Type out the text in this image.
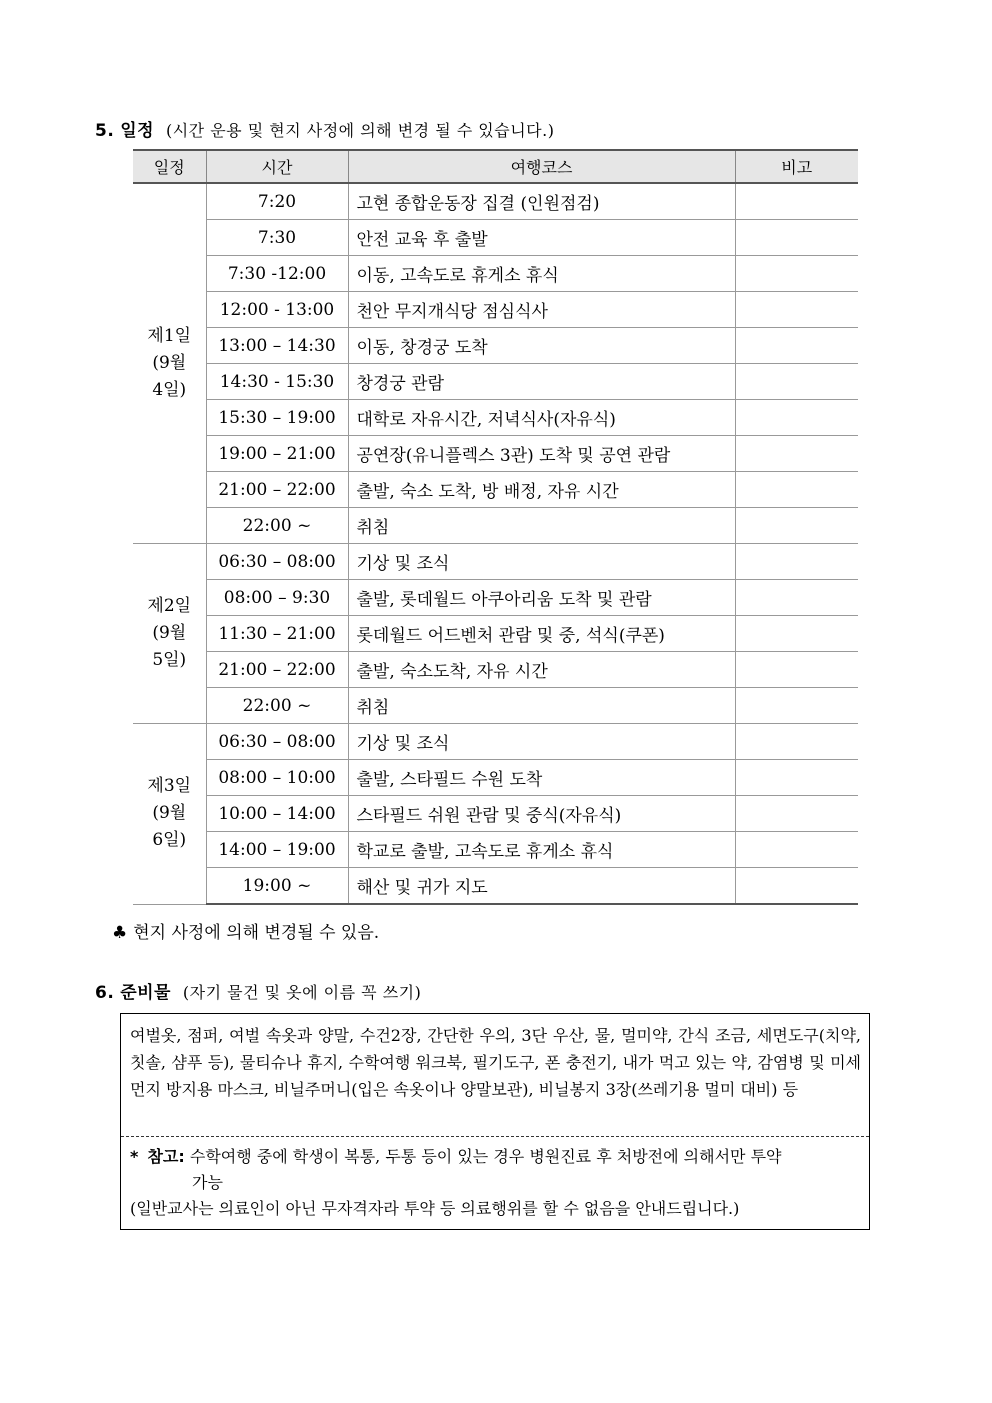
5. 일정 (시간 운용 및 현지 사정에 의해 변경 될 수 있습니다.)
일정	시간	여행코스	비고

제1일
(9월
4일)	7:20	고현 종합운동장 집결 (인원점검)	
	7:30	안전 교육 후 출발	
	7:30 -12:00	이동, 고속도로 휴게소 휴식	
	12:00 - 13:00	천안 무지개식당 점심식사	
	13:00 – 14:30	이동, 창경궁 도착	
	14:30 - 15:30	창경궁 관람	
	15:30 – 19:00	대학로 자유시간, 저녁식사(자유식)	
	19:00 – 21:00	공연장(유니플렉스 3관) 도착 및 공연 관람	
	21:00 – 22:00	출발, 숙소 도착, 방 배정, 자유 시간	
	22:00 ~	취침	

제2일
(9월
5일)	06:30 – 08:00	기상 및 조식	
	08:00 – 9:30	출발, 롯데월드 아쿠아리움 도착 및 관람	
	11:30 – 21:00	롯데월드 어드벤처 관람 및 중, 석식(쿠폰)	
	21:00 – 22:00	출발, 숙소도착, 자유 시간	
	22:00 ~	취침	

제3일
(9월
6일)	06:30 – 08:00	기상 및 조식	
	08:00 – 10:00	출발, 스타필드 수원 도착	
	10:00 – 14:00	스타필드 쉬원 관람 및 중식(자유식)	
	14:00 – 19:00	학교로 출발, 고속도로 휴게소 휴식	
	19:00 ~	해산 및 귀가 지도	
♣ 현지 사정에 의해 변경될 수 있음.
6. 준비물 (자기 물건 및 옷에 이름 꼭 쓰기)
여벌옷, 점퍼, 여벌 속옷과 양말, 수건2장, 간단한 우의, 3단 우산, 물, 멀미약, 간식 조금, 세면도구(치약, 칫솔, 샴푸 등), 물티슈나 휴지, 수학여행 워크북, 필기도구, 폰 충전기, 내가 먹고 있는 약, 감염병 및 미세먼지 방지용 마스크, 비닐주머니(입은 속옷이나 양말보관), 비닐봉지 3장(쓰레기용 멀미 대비) 등
* 참고: 수학여행 중에 학생이 복통, 두통 등이 있는 경우 병원진료 후 처방전에 의해서만 투약
가능
(일반교사는 의료인이 아닌 무자격자라 투약 등 의료행위를 할 수 없음을 안내드립니다.)
